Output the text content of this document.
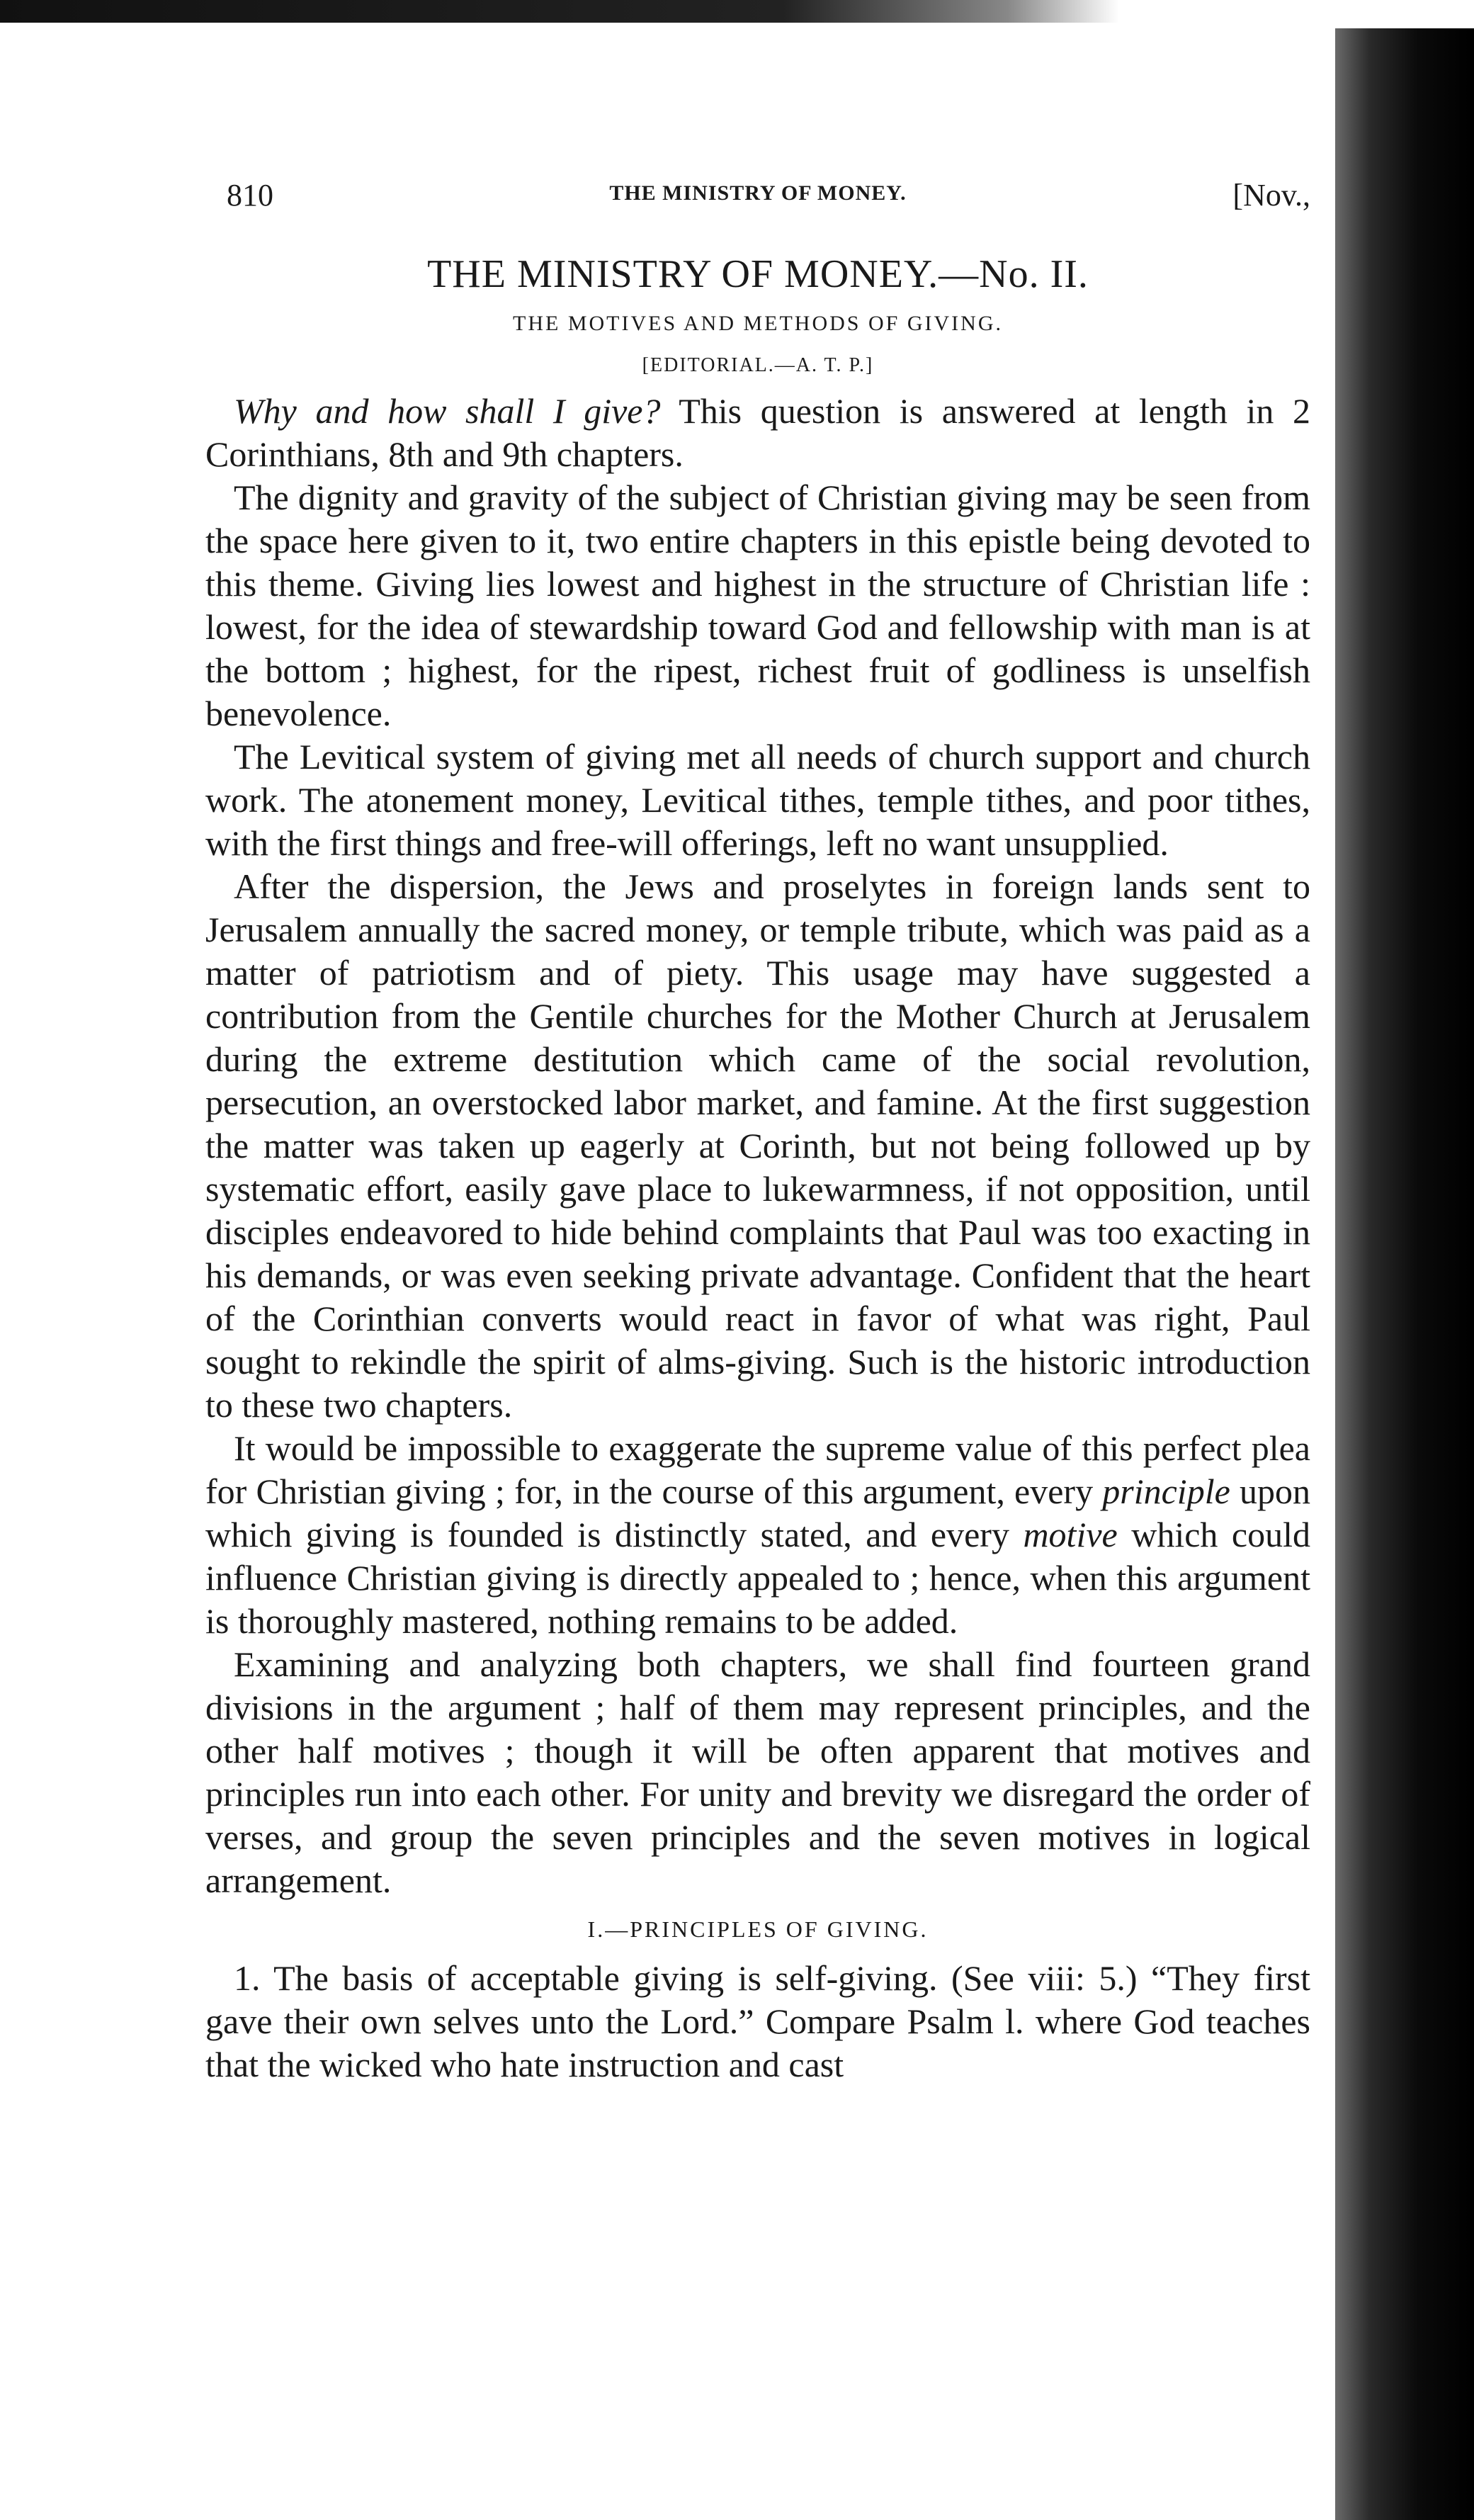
810	THE MINISTRY OF MONEY.	[Nov.,
THE MINISTRY OF MONEY.—No. II.
THE MOTIVES AND METHODS OF GIVING.
[EDITORIAL.—A. T. P.]

Why and how shall I give? This question is answered at length in 2 Corinthians, 8th and 9th chapters.

The dignity and gravity of the subject of Christian giving may be seen from the space here given to it, two entire chapters in this epistle being devoted to this theme. Giving lies lowest and highest in the structure of Christian life : lowest, for the idea of stewardship toward God and fellowship with man is at the bottom ; highest, for the ripest, richest fruit of godliness is unselfish benevolence.

The Levitical system of giving met all needs of church support and church work. The atonement money, Levitical tithes, temple tithes, and poor tithes, with the first things and free-will offerings, left no want unsupplied.

After the dispersion, the Jews and proselytes in foreign lands sent to Jerusalem annually the sacred money, or temple tribute, which was paid as a matter of patriotism and of piety. This usage may have suggested a contribution from the Gentile churches for the Mother Church at Jerusalem during the extreme destitution which came of the social revolution, persecution, an overstocked labor market, and famine. At the first suggestion the matter was taken up eagerly at Corinth, but not being followed up by systematic effort, easily gave place to lukewarmness, if not opposition, until disciples endeavored to hide behind complaints that Paul was too exacting in his demands, or was even seeking private advantage. Confident that the heart of the Corinthian converts would react in favor of what was right, Paul sought to rekindle the spirit of alms-giving. Such is the historic introduction to these two chapters.

It would be impossible to exaggerate the supreme value of this perfect plea for Christian giving ; for, in the course of this argument, every principle upon which giving is founded is distinctly stated, and every motive which could influence Christian giving is directly appealed to ; hence, when this argument is thoroughly mastered, nothing remains to be added.

Examining and analyzing both chapters, we shall find fourteen grand divisions in the argument ; half of them may represent principles, and the other half motives ; though it will be often apparent that motives and principles run into each other. For unity and brevity we disregard the order of verses, and group the seven principles and the seven motives in logical arrangement.

I.—PRINCIPLES OF GIVING.

1. The basis of acceptable giving is self-giving. (See viii: 5.) “They first gave their own selves unto the Lord.” Compare Psalm l. where God teaches that the wicked who hate instruction and cast
